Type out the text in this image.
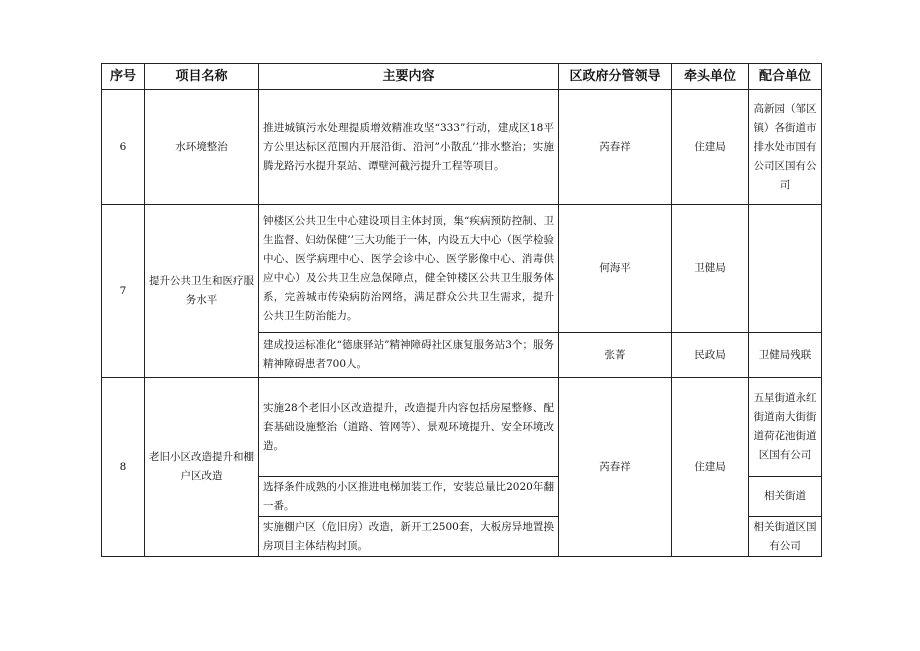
序号	项目名称	主要内容	区政府分管领导	牵头单位	配合单位
6	水环境整治	推进城镇污水处理提质增效精准攻坚“333”行动，建成区18平方公里达标区范围内开展沿街、沿河”小散乱’’排水整治；实施腾龙路污水提升泵站、谭壁河截污提升工程等项目。	芮春祥	住建局	高新园（邹区镇）各街道市排水处市国有公司区国有公司
7	提升公共卫生和医疗服务水平	钟楼区公共卫生中心建设项目主体封顶，集“疾病预防控制、卫生监督、妇幼保健’’三大功能于一体，内设五大中心（医学检验中心、医学病理中心、医学会诊中心、医学影像中心、消毒供应中心）及公共卫生应急保障点，健全钟楼区公共卫生服务体系，完善城市传染病防治网络，满足群众公共卫生需求，提升公共卫生防治能力。	何海平	卫健局	
		建成投运标准化“德康驿站”精神障碍社区康复服务站3个；服务精神障碍患者700人。	张菁	民政局	卫健局残联
8	老旧小区改造提升和棚户区改造	实施28个老旧小区改造提升，改造提升内容包括房屋整修、配套基础设施整治（道路、管网等）、景观环境提升、安全环境改造。	芮春祥	住建局	五星街道永红街道南大街街道荷花池街道区国有公司
		选择条件成熟的小区推进电梯加装工作，安装总量比2020年翻一番。			相关街道
		实施棚户区（危旧房）改造，新开工2500套，大板房异地置换房项目主体结构封顶。			相关街道区国有公司
